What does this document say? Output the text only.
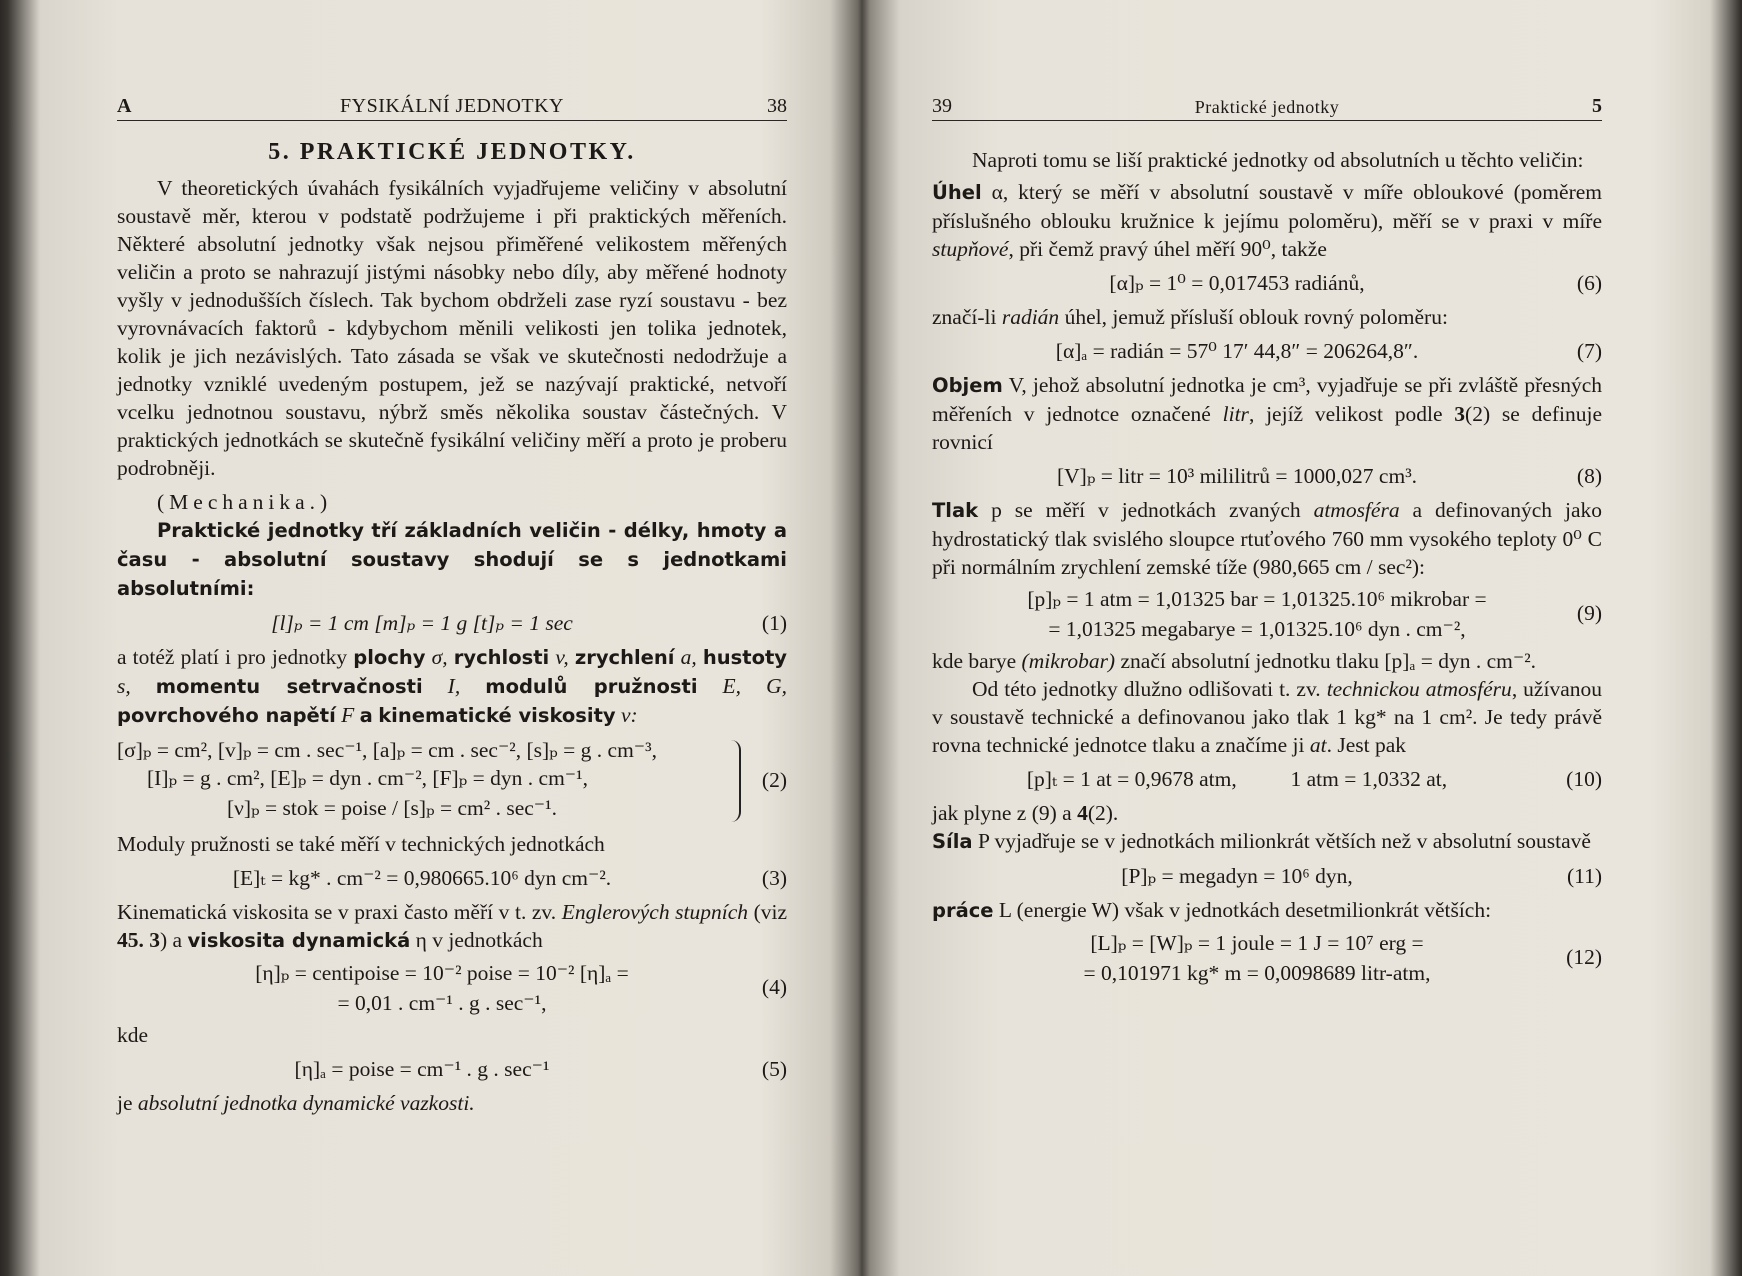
A	FYSIKÁLNÍ JEDNOTKY	38
5. PRAKTICKÉ JEDNOTKY.

V theoretických úvahách fysikálních vyjadřujeme veličiny v absolutní soustavě měr, kterou v podstatě podržujeme i při praktických měřeních. Některé absolutní jednotky však nejsou přiměřené velikostem měřených veličin a proto se nahrazují jistými násobky nebo díly, aby měřené hodnoty vyšly v jednodušších číslech. Tak bychom obdrželi zase ryzí soustavu - bez vyrovnávacích faktorů - kdybychom měnili velikosti jen tolika jednotek, kolik je jich nezávislých. Tato zásada se však ve skutečnosti nedodržuje a jednotky vzniklé uvedeným postupem, jež se nazývají praktické, netvoří vcelku jednotnou soustavu, nýbrž směs několika soustav částečných. V praktických jednotkách se skutečně fysikální veličiny měří a proto je proberu podrobněji.

(Mechanika.)

Praktické jednotky tří základních veličin - délky, hmoty a času - absolutní soustavy shodují se s jednotkami absolutními:

[l]ₚ = 1 cm [m]ₚ = 1 g [t]ₚ = 1 sec	(1)

a totéž platí i pro jednotky plochy σ, rychlosti v, zrychlení a, hustoty s, momentu setrvačnosti I, modulů pružnosti E, G, povrchového napětí F a kinematické viskosity ν:

[σ]ₚ = cm², [v]ₚ = cm . sec⁻¹, [a]ₚ = cm . sec⁻², [s]ₚ = g . cm⁻³,
[I]ₚ = g . cm², [E]ₚ = dyn . cm⁻², [F]ₚ = dyn . cm⁻¹,
[ν]ₚ = stok = poise / [s]ₚ = cm² . sec⁻¹.
(2)

Moduly pružnosti se také měří v technických jednotkách

[E]ₜ = kg* . cm⁻² = 0,980665.10⁶ dyn cm⁻².	(3)

Kinematická viskosita se v praxi často měří v t. zv. Englerových stupních (viz 45. 3) a viskosita dynamická η v jednotkách

[η]ₚ = centipoise = 10⁻² poise = 10⁻² [η]ₐ =
= 0,01 . cm⁻¹ . g . sec⁻¹,
(4)

kde

[η]ₐ = poise = cm⁻¹ . g . sec⁻¹	(5)

je absolutní jednotka dynamické vazkosti.

39	Praktické jednotky	5

Naproti tomu se liší praktické jednotky od absolutních u těchto veličin:

Úhel α, který se měří v absolutní soustavě v míře obloukové (poměrem příslušného oblouku kružnice k jejímu poloměru), měří se v praxi v míře stupňové, při čemž pravý úhel měří 90⁰, takže

[α]ₚ = 1⁰ = 0,017453 radiánů,	(6)

značí-li radián úhel, jemuž přísluší oblouk rovný poloměru:

[α]ₐ = radián = 57⁰ 17′ 44,8″ = 206264,8″.	(7)

Objem V, jehož absolutní jednotka je cm³, vyjadřuje se při zvláště přesných měřeních v jednotce označené litr, jejíž velikost podle 3(2) se definuje rovnicí

[V]ₚ = litr = 10³ mililitrů = 1000,027 cm³.	(8)

Tlak p se měří v jednotkách zvaných atmosféra a definovaných jako hydrostatický tlak svislého sloupce rtuťového 760 mm vysokého teploty 0⁰ C při normálním zrychlení zemské tíže (980,665 cm / sec²):

[p]ₚ = 1 atm = 1,01325 bar = 1,01325.10⁶ mikrobar =
= 1,01325 megabarye = 1,01325.10⁶ dyn . cm⁻²,
(9)

kde barye (mikrobar) značí absolutní jednotku tlaku [p]ₐ = dyn . cm⁻².

Od této jednotky dlužno odlišovati t. zv. technickou atmosféru, užívanou v soustavě technické a definovanou jako tlak 1 kg* na 1 cm². Je tedy právě rovna technické jednotce tlaku a značíme ji at. Jest pak

[p]ₜ = 1 at = 0,9678 atm,          1 atm = 1,0332 at,	(10)

jak plyne z (9) a 4(2).

Síla P vyjadřuje se v jednotkách milionkrát větších než v absolutní soustavě

[P]ₚ = megadyn = 10⁶ dyn,	(11)

práce L (energie W) však v jednotkách desetmilionkrát větších:

[L]ₚ = [W]ₚ = 1 joule = 1 J = 10⁷ erg =
= 0,101971 kg* m = 0,0098689 litr-atm,
(12)
